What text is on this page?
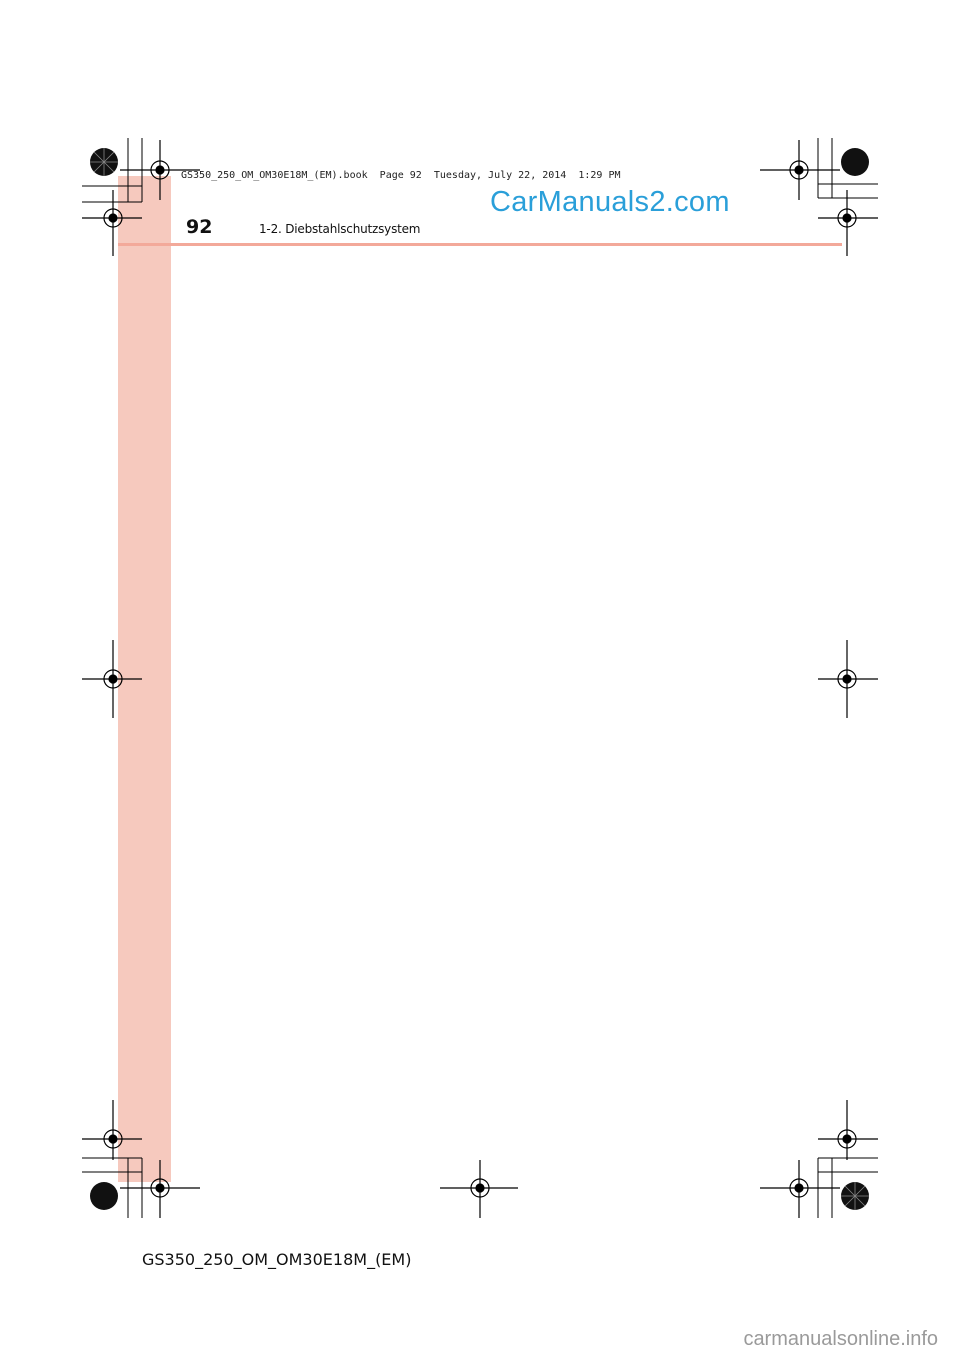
GS350_250_OM_OM30E18M_(EM).book  Page 92  Tuesday, July 22, 2014  1:29 PM
92	1-2. Diebstahlschutzsystem
CarManuals2.com
GS350_250_OM_OM30E18M_(EM)
carmanualsonline.info
